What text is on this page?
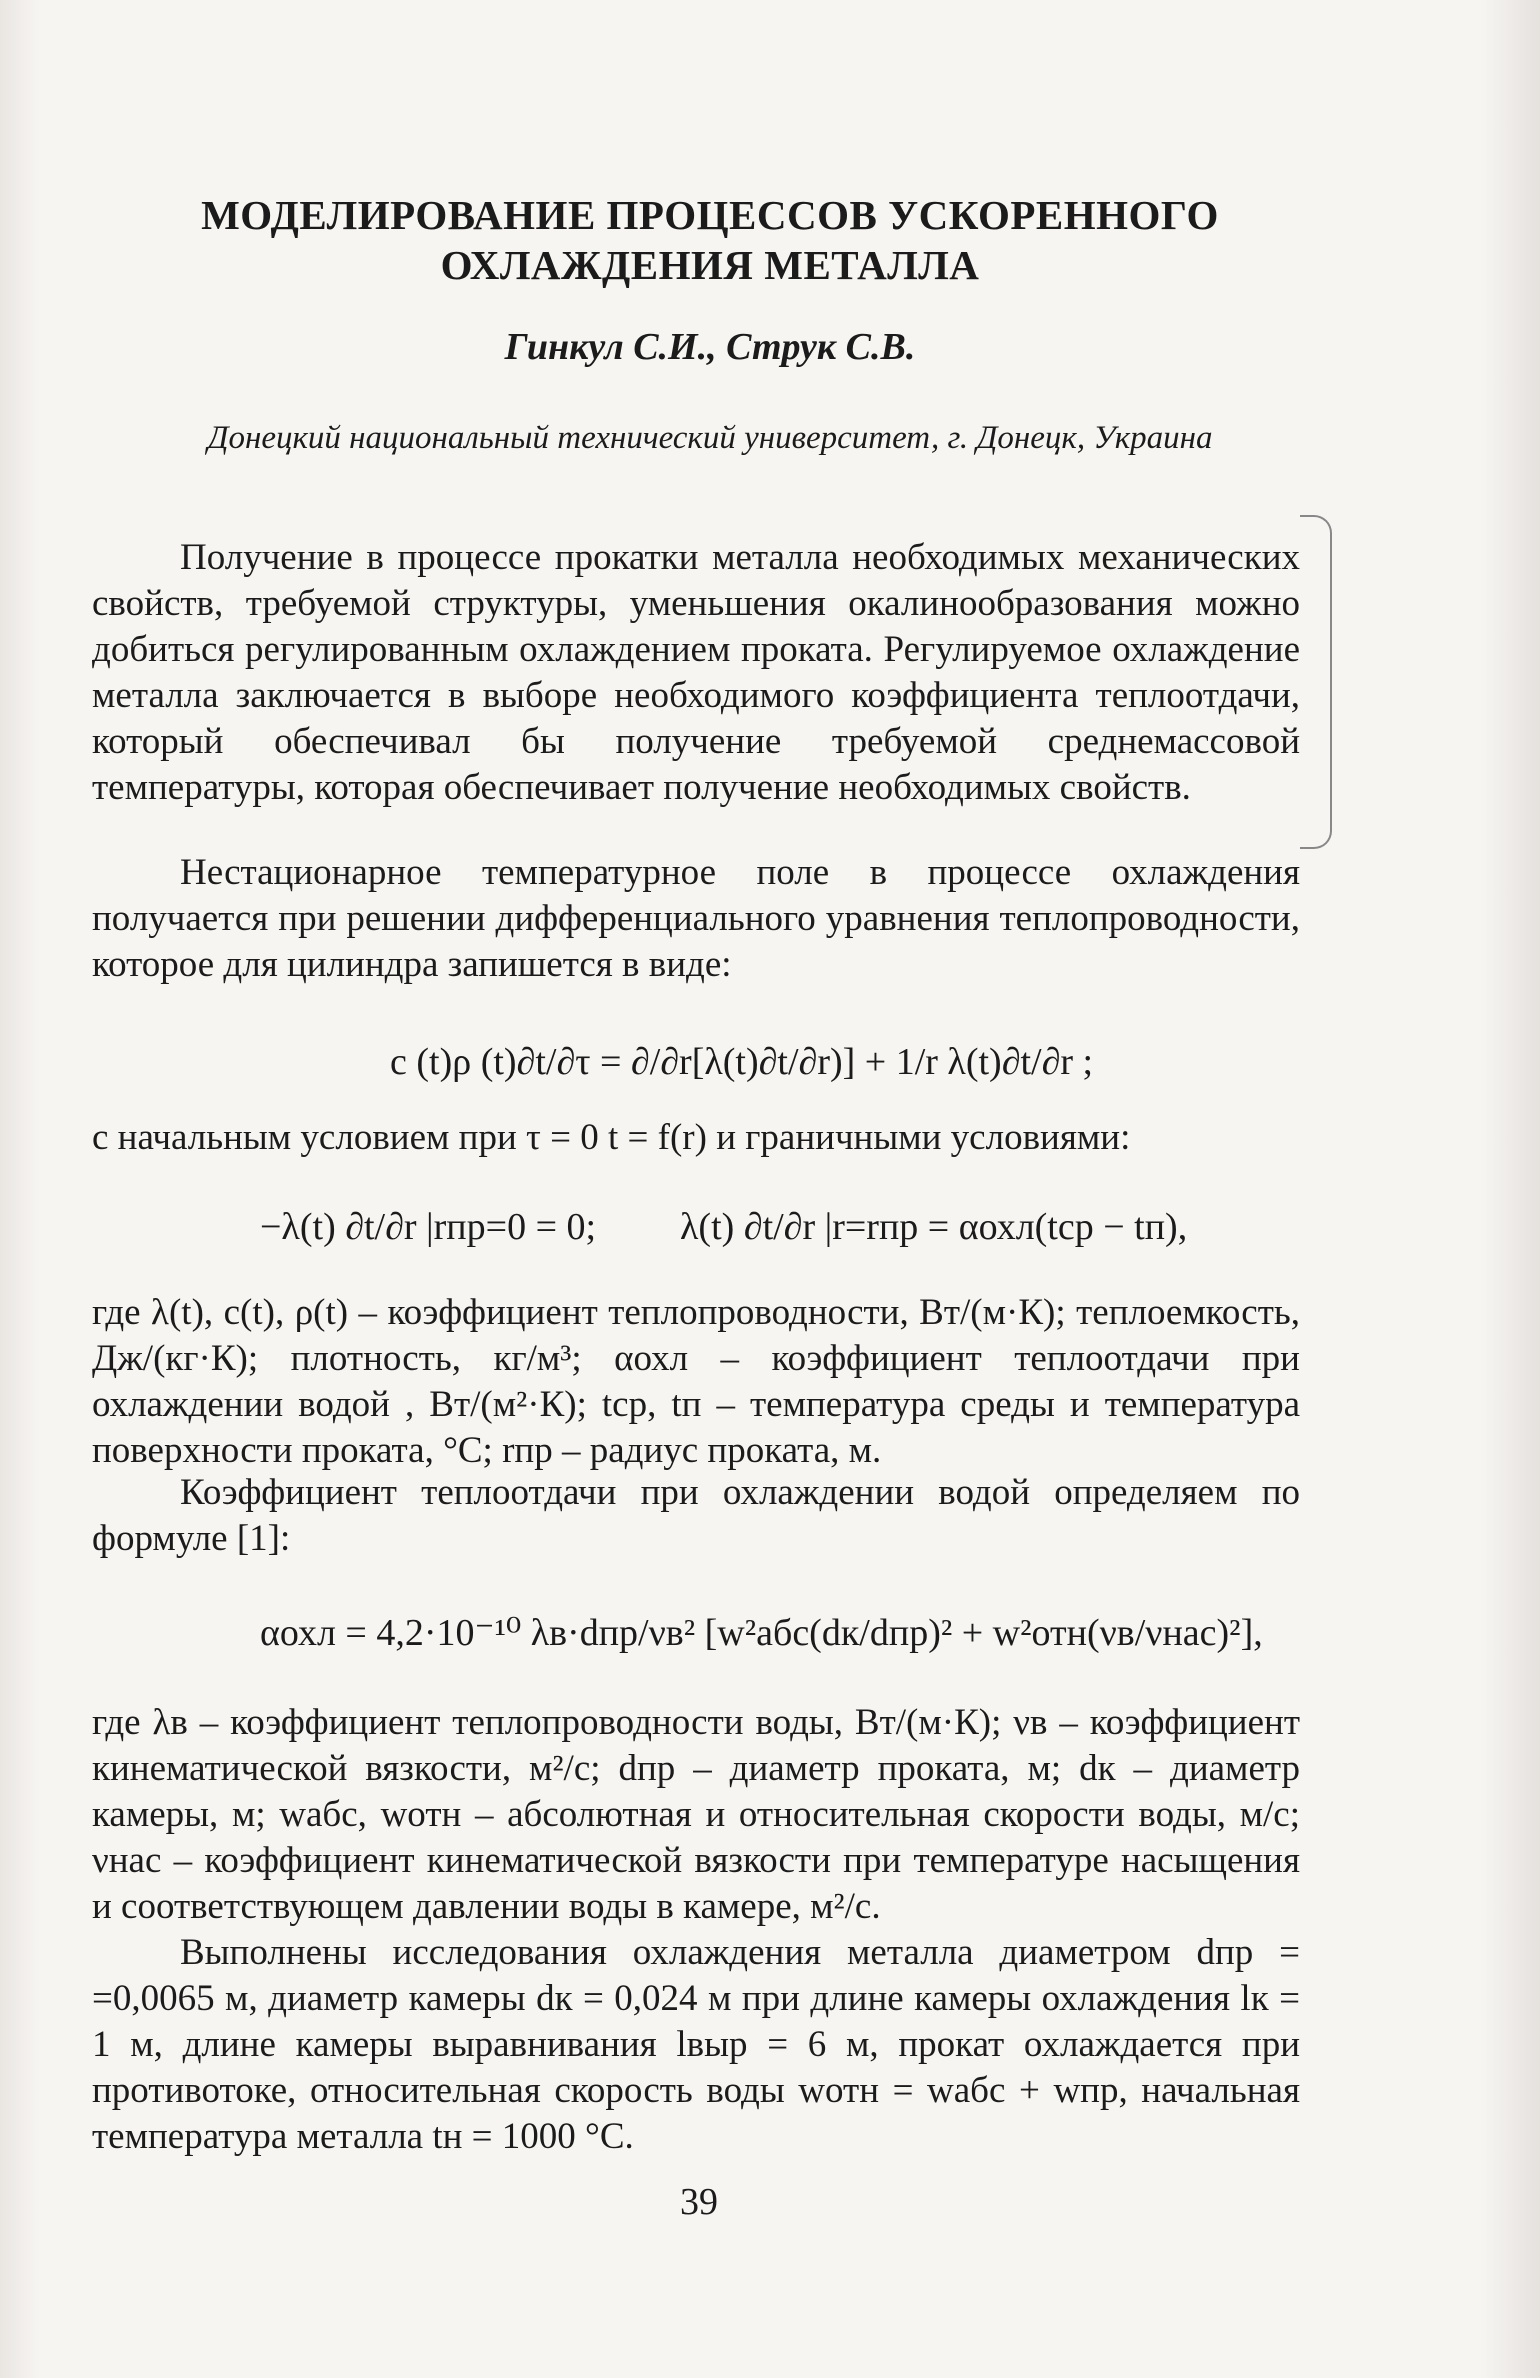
МОДЕЛИРОВАНИЕ ПРОЦЕССОВ УСКОРЕННОГО
ОХЛАЖДЕНИЯ МЕТАЛЛА
Гинкул С.И., Струк С.В.
Донецкий национальный технический университет, г. Донецк, Украина

Получение в процессе прокатки металла необходимых механических свойств, требуемой структуры, уменьшения окалинообразования можно добиться регулированным охлаждением проката. Регулируемое охлаждение металла заключается в выборе необходимого коэффициента теплоотдачи, который обеспечивал бы получение требуемой среднемассовой температуры, которая обеспечивает получение необходимых свойств.

Нестационарное температурное поле в процессе охлаждения получается при решении дифференциального уравнения теплопроводности, которое для цилиндра запишется в виде:

c (t)ρ (t)∂t/∂τ = ∂/∂r[λ(t)∂t/∂r)] + 1/r λ(t)∂t/∂r ;

с начальным условием при τ = 0 t = f(r) и граничными условиями:

−λ(t) ∂t/∂r |rпр=0 = 0; λ(t) ∂t/∂r |r=rпр = αохл(tср − tп),

где λ(t), c(t), ρ(t) – коэффициент теплопроводности, Вт/(м·К); теплоемкость, Дж/(кг·К); плотность, кг/м³; αохл – коэффициент теплоотдачи при охлаждении водой , Вт/(м²·К); tср, tп – температура среды и температура поверхности проката, °С; rпр – радиус проката, м.

Коэффициент теплоотдачи при охлаждении водой определяем по формуле [1]:

αохл = 4,2·10⁻¹⁰ λв·dпр/νв² [w²абс(dк/dпр)² + w²отн(νв/νнас)²],

где λв – коэффициент теплопроводности воды, Вт/(м·К); νв – коэффициент кинематической вязкости, м²/с; dпр – диаметр проката, м; dк – диаметр камеры, м; wабс, wотн – абсолютная и относительная скорости воды, м/с; νнас – коэффициент кинематической вязкости при температуре насыщения и соответствующем давлении воды в камере, м²/с.

Выполнены исследования охлаждения металла диаметром dпр = =0,0065 м, диаметр камеры dк = 0,024 м при длине камеры охлаждения lк = 1 м, длине камеры выравнивания lвыр = 6 м, прокат охлаждается при противотоке, относительная скорость воды wотн = wабс + wпр, начальная температура металла tн = 1000 °С.

39
